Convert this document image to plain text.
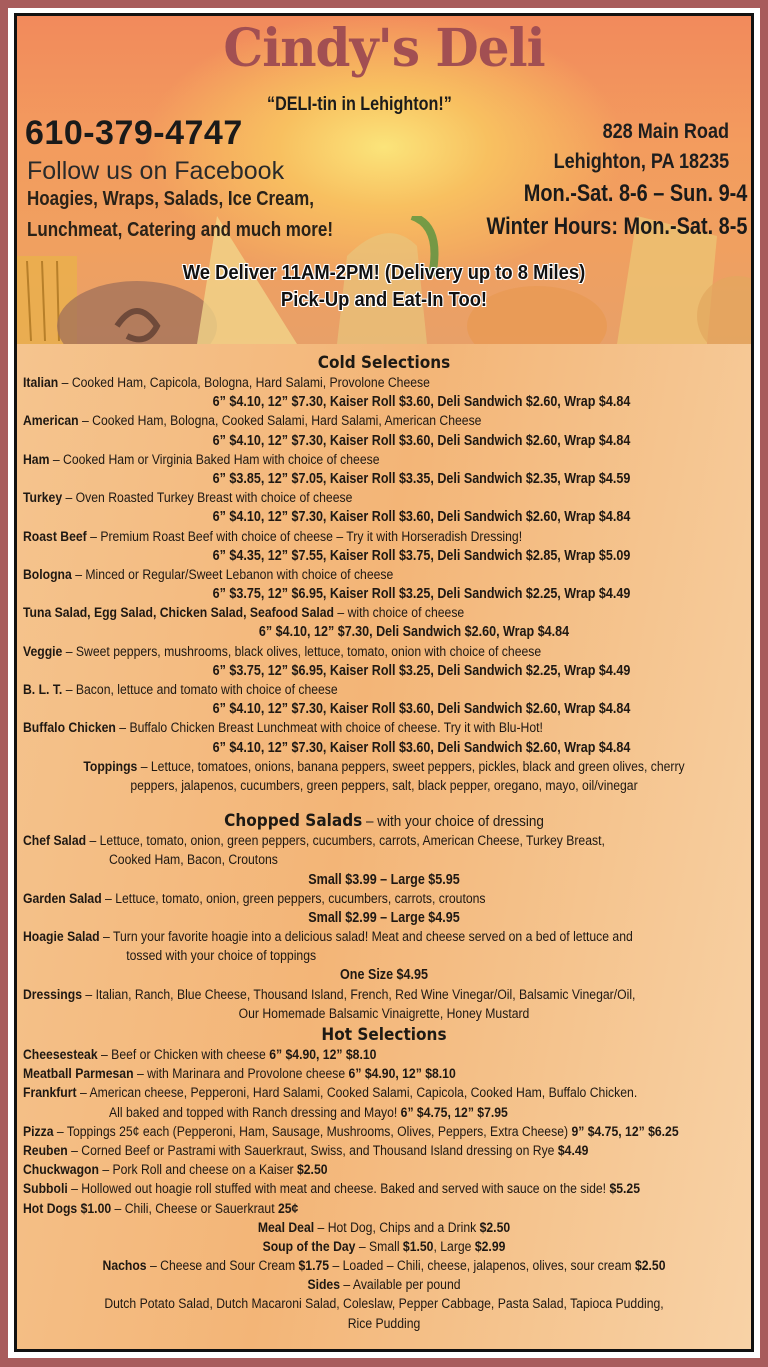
Cindy's Deli
“DELI-tin in Lehighton!”
610-379-4747
Follow us on Facebook
Hoagies, Wraps, Salads, Ice Cream,
Lunchmeat, Catering and much more!
828 Main Road
Lehighton, PA 18235
Mon.-Sat. 8-6 – Sun. 9-4
Winter Hours: Mon.-Sat. 8-5
We Deliver 11AM-2PM! (Delivery up to 8 Miles)
Pick-Up and Eat-In Too!
Cold Selections
Italian – Cooked Ham, Capicola, Bologna, Hard Salami, Provolone Cheese
6” $4.10, 12” $7.30, Kaiser Roll $3.60, Deli Sandwich $2.60, Wrap $4.84
American – Cooked Ham, Bologna, Cooked Salami, Hard Salami, American Cheese
6” $4.10, 12” $7.30, Kaiser Roll $3.60, Deli Sandwich $2.60, Wrap $4.84
Ham – Cooked Ham or Virginia Baked Ham with choice of cheese
6” $3.85, 12” $7.05, Kaiser Roll $3.35, Deli Sandwich $2.35, Wrap $4.59
Turkey – Oven Roasted Turkey Breast with choice of cheese
6” $4.10, 12” $7.30, Kaiser Roll $3.60, Deli Sandwich $2.60, Wrap $4.84
Roast Beef – Premium Roast Beef with choice of cheese – Try it with Horseradish Dressing!
6” $4.35, 12” $7.55, Kaiser Roll $3.75, Deli Sandwich $2.85, Wrap $5.09
Bologna – Minced or Regular/Sweet Lebanon with choice of cheese
6” $3.75, 12” $6.95, Kaiser Roll $3.25, Deli Sandwich $2.25, Wrap $4.49
Tuna Salad, Egg Salad, Chicken Salad, Seafood Salad – with choice of cheese
6” $4.10, 12” $7.30, Deli Sandwich $2.60, Wrap $4.84
Veggie – Sweet peppers, mushrooms, black olives, lettuce, tomato, onion with choice of cheese
6” $3.75, 12” $6.95, Kaiser Roll $3.25, Deli Sandwich $2.25, Wrap $4.49
B. L. T. – Bacon, lettuce and tomato with choice of cheese
6” $4.10, 12” $7.30, Kaiser Roll $3.60, Deli Sandwich $2.60, Wrap $4.84
Buffalo Chicken – Buffalo Chicken Breast Lunchmeat with choice of cheese. Try it with Blu-Hot!
6” $4.10, 12” $7.30, Kaiser Roll $3.60, Deli Sandwich $2.60, Wrap $4.84
Toppings – Lettuce, tomatoes, onions, banana peppers, sweet peppers, pickles, black and green olives, cherry
peppers, jalapenos, cucumbers, green peppers, salt, black pepper, oregano, mayo, oil/vinegar
Chopped Salads – with your choice of dressing
Chef Salad – Lettuce, tomato, onion, green peppers, cucumbers, carrots, American Cheese, Turkey Breast,
Cooked Ham, Bacon, Croutons
Small $3.99 – Large $5.95
Garden Salad – Lettuce, tomato, onion, green peppers, cucumbers, carrots, croutons
Small $2.99 – Large $4.95
Hoagie Salad – Turn your favorite hoagie into a delicious salad! Meat and cheese served on a bed of lettuce and
tossed with your choice of toppings
One Size $4.95
Dressings – Italian, Ranch, Blue Cheese, Thousand Island, French, Red Wine Vinegar/Oil, Balsamic Vinegar/Oil,
Our Homemade Balsamic Vinaigrette, Honey Mustard
Hot Selections
Cheesesteak – Beef or Chicken with cheese 6” $4.90, 12” $8.10
Meatball Parmesan – with Marinara and Provolone cheese 6” $4.90, 12” $8.10
Frankfurt – American cheese, Pepperoni, Hard Salami, Cooked Salami, Capicola, Cooked Ham, Buffalo Chicken.
All baked and topped with Ranch dressing and Mayo! 6” $4.75, 12” $7.95
Pizza – Toppings 25¢ each (Pepperoni, Ham, Sausage, Mushrooms, Olives, Peppers, Extra Cheese) 9” $4.75, 12” $6.25
Reuben – Corned Beef or Pastrami with Sauerkraut, Swiss, and Thousand Island dressing on Rye $4.49
Chuckwagon – Pork Roll and cheese on a Kaiser $2.50
Subboli – Hollowed out hoagie roll stuffed with meat and cheese. Baked and served with sauce on the side! $5.25
Hot Dogs $1.00 – Chili, Cheese or Sauerkraut 25¢
Meal Deal – Hot Dog, Chips and a Drink $2.50
Soup of the Day – Small $1.50, Large $2.99
Nachos – Cheese and Sour Cream $1.75 – Loaded – Chili, cheese, jalapenos, olives, sour cream $2.50
Sides – Available per pound
Dutch Potato Salad, Dutch Macaroni Salad, Coleslaw, Pepper Cabbage, Pasta Salad, Tapioca Pudding,
Rice Pudding
